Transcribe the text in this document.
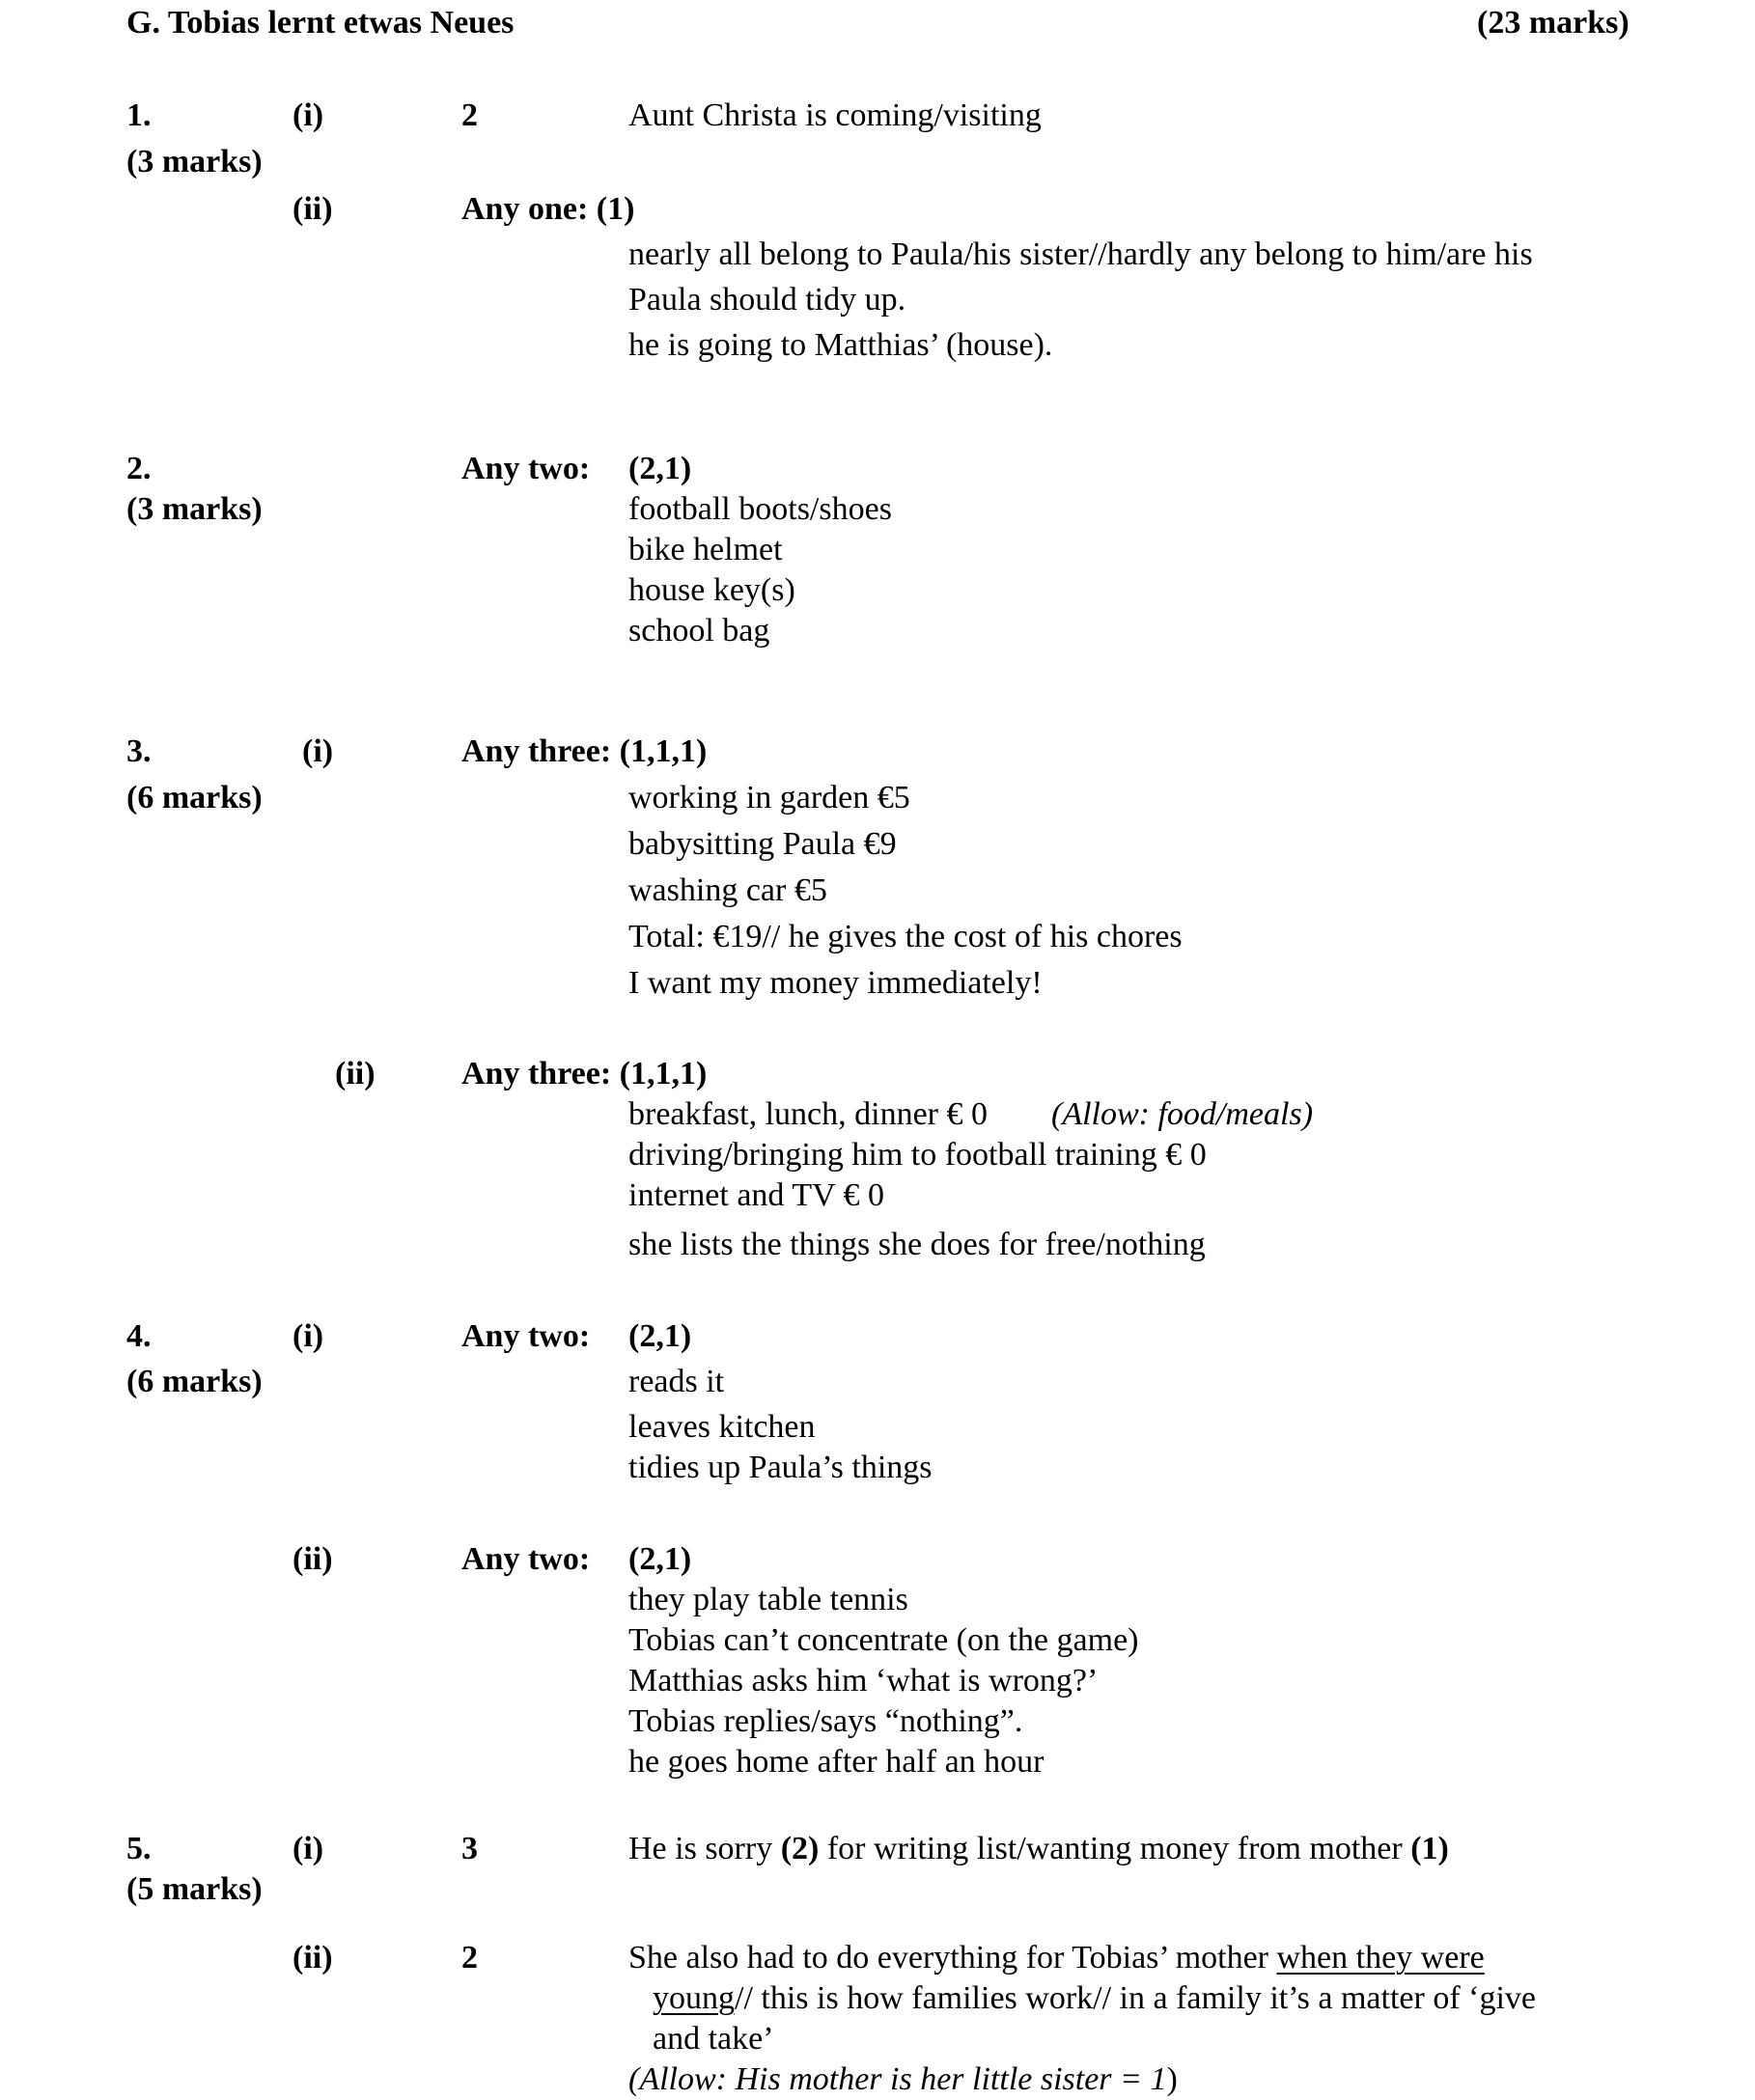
G. Tobias lernt etwas Neues	(23 marks)
1.
(3 marks)
(i)	2	Aunt Christa is coming/visiting
(ii)	Any one: (1)
nearly all belong to Paula/his sister//hardly any belong to him/are his
Paula should tidy up.
he is going to Matthias’ (house).
2.
(3 marks)
Any two: (2,1)
football boots/shoes
bike helmet
house key(s)
school bag
3.
(6 marks)
(i)	Any three: (1,1,1)
working in garden €5
babysitting Paula €9
washing car €5
Total: €19// he gives the cost of his chores
I want my money immediately!
(ii)	Any three: (1,1,1)
breakfast, lunch, dinner € 0 (Allow: food/meals)
driving/bringing him to football training € 0
internet and TV € 0
she lists the things she does for free/nothing
4.
(6 marks)
(i)	Any two: (2,1)
reads it
leaves kitchen
tidies up Paula’s things
(ii)	Any two: (2,1)
they play table tennis
Tobias can’t concentrate (on the game)
Matthias asks him ‘what is wrong?’
Tobias replies/says “nothing”.
he goes home after half an hour
5.
(5 marks)
(i)	3	He is sorry (2) for writing list/wanting money from mother (1)
(ii)	2	She also had to do everything for Tobias’ mother when they were
young// this is how families work// in a family it’s a matter of ‘give
and take’
(Allow: His mother is her little sister = 1)
